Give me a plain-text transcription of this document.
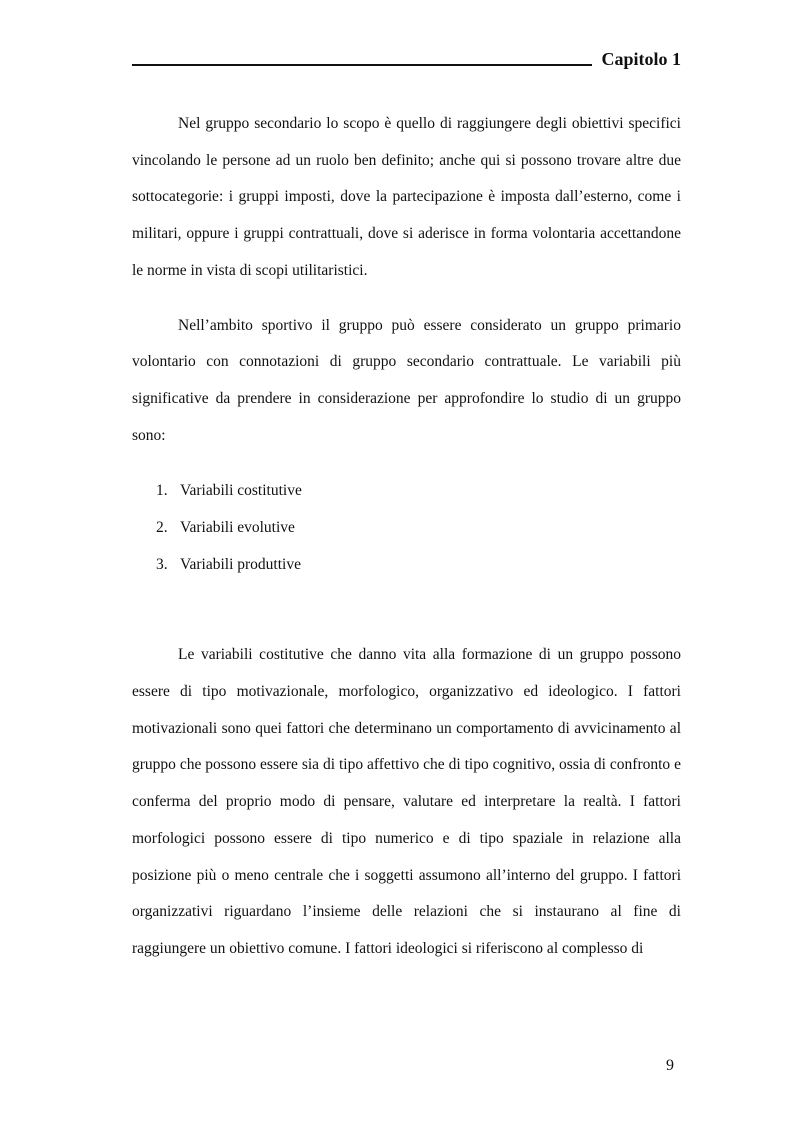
Capitolo 1

Nel gruppo secondario lo scopo è quello di raggiungere degli obiettivi specifici vincolando le persone ad un ruolo ben definito; anche qui si possono trovare altre due sottocategorie: i gruppi imposti, dove la partecipazione è imposta dall’esterno, come i militari, oppure i gruppi contrattuali, dove si aderisce in forma volontaria accettandone le norme in vista di scopi utilitaristici.

Nell’ambito sportivo il gruppo può essere considerato un gruppo primario volontario con connotazioni di gruppo secondario contrattuale. Le variabili più significative da prendere in considerazione per approfondire lo studio di un gruppo sono:

1. Variabili costitutive
2. Variabili evolutive
3. Variabili produttive

Le variabili costitutive che danno vita alla formazione di un gruppo possono essere di tipo motivazionale, morfologico, organizzativo ed ideologico. I fattori motivazionali sono quei fattori che determinano un comportamento di avvicinamento al gruppo che possono essere sia di tipo affettivo che di tipo cognitivo, ossia di confronto e conferma del proprio modo di pensare, valutare ed interpretare la realtà. I fattori morfologici possono essere di tipo numerico e di tipo spaziale in relazione alla posizione più o meno centrale che i soggetti assumono all’interno del gruppo. I fattori organizzativi riguardano l’insieme delle relazioni che si instaurano al fine di raggiungere un obiettivo comune. I fattori ideologici si riferiscono al complesso di

9
